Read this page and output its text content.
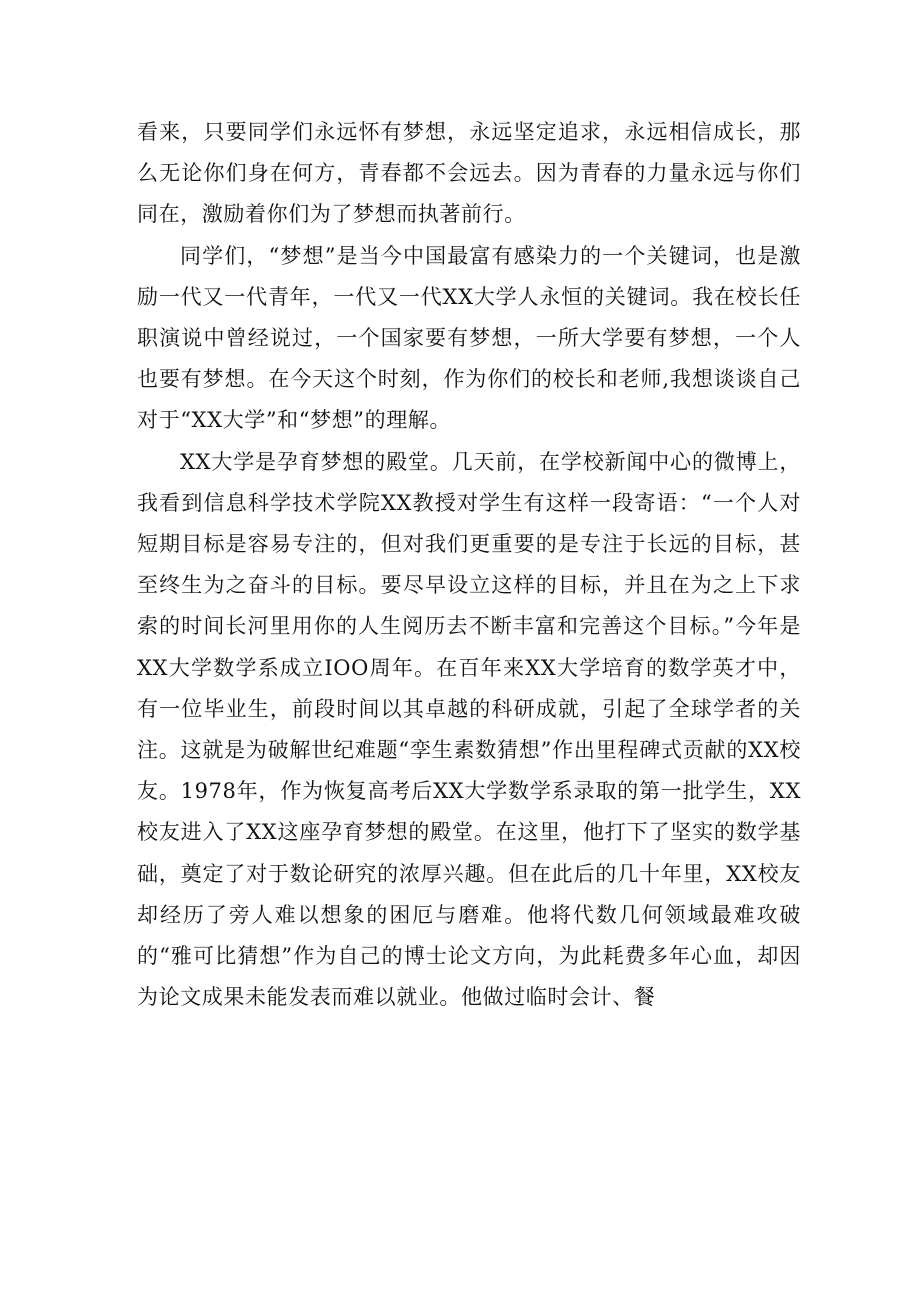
看来，只要同学们永远怀有梦想，永远坚定追求，永远相信成长，那么无论你们身在何方，青春都不会远去。因为青春的力量永远与你们同在，激励着你们为了梦想而执著前行。

同学们，“梦想”是当今中国最富有感染力的一个关键词，也是激励一代又一代青年，一代又一代XX大学人永恒的关键词。我在校长任职演说中曾经说过，一个国家要有梦想，一所大学要有梦想，一个人也要有梦想。在今天这个时刻，作为你们的校长和老师,我想谈谈自己对于“XX大学”和“梦想”的理解。

XX大学是孕育梦想的殿堂。几天前，在学校新闻中心的微博上，我看到信息科学技术学院XX教授对学生有这样一段寄语：“一个人对短期目标是容易专注的，但对我们更重要的是专注于长远的目标，甚至终生为之奋斗的目标。要尽早设立这样的目标，并且在为之上下求索的时间长河里用你的人生阅历去不断丰富和完善这个目标。”今年是XX大学数学系成立IOO周年。在百年来XX大学培育的数学英才中，有一位毕业生，前段时间以其卓越的科研成就，引起了全球学者的关注。这就是为破解世纪难题“孪生素数猜想”作出里程碑式贡献的XX校友。1978年，作为恢复高考后XX大学数学系录取的第一批学生，XX校友进入了XX这座孕育梦想的殿堂。在这里，他打下了坚实的数学基础，奠定了对于数论研究的浓厚兴趣。但在此后的几十年里，XX校友却经历了旁人难以想象的困厄与磨难。他将代数几何领域最难攻破的“雅可比猜想”作为自己的博士论文方向，为此耗费多年心血，却因为论文成果未能发表而难以就业。他做过临时会计、餐
